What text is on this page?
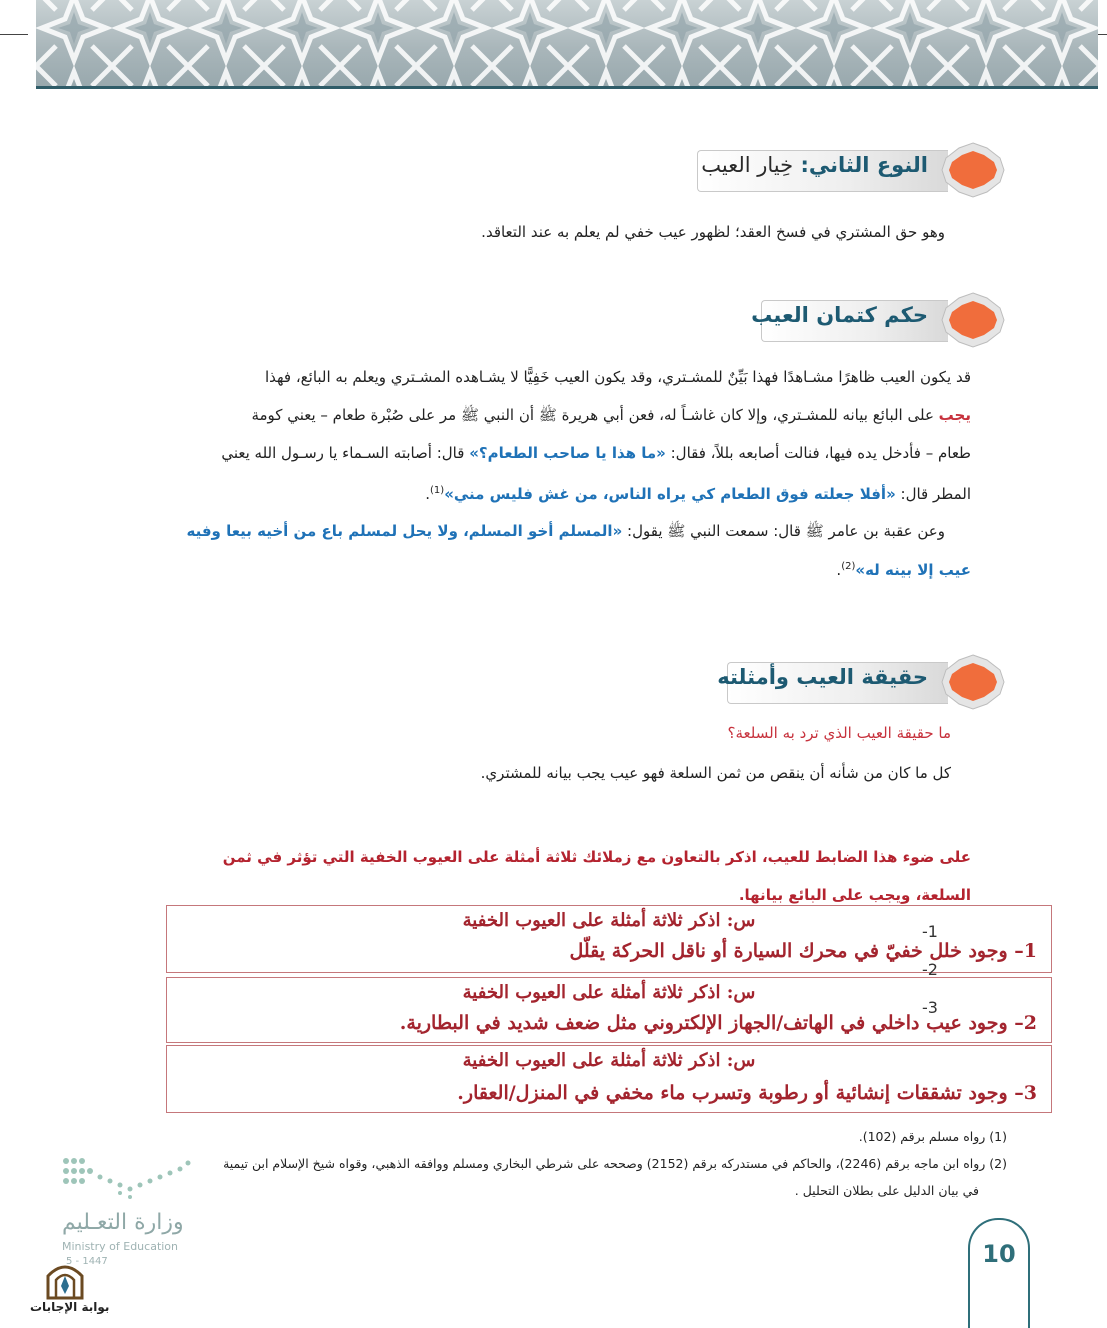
النوع الثاني: خِيار العيب
وهو حق المشتري في فسخ العقد؛ لظهور عيب خفي لم يعلم به عند التعاقد.
حكم كتمان العيب
قد يكون العيب ظاهرًا مشـاهدًا فهذا بَيِّنٌ للمشـتري، وقد يكون العيب خَفِيًّا لا يشـاهده المشـتري ويعلم به البائع، فهذا
يجب على البائع بيانه للمشـتري، وإلا كان غاشـاً له، فعن أبي هريرة ﷺ أن النبي ﷺ مر على صُبْرة طعام – يعني كومة
طعام – فأدخل يده فيها، فنالت أصابعه بللاً، فقال: «ما هذا يا صاحب الطعام؟» قال: أصابته السـماء يا رسـول الله يعني
المطر قال: «أفلا جعلته فوق الطعام كي يراه الناس، من غش فليس مني»$^{(1)}$.
وعن عقبة بن عامر ﷺ قال: سمعت النبي ﷺ يقول: «المسلم أخو المسلم، ولا يحل لمسلم باع من أخيه بيعا وفيه
عيب إلا بينه له»$^{(2)}$.
حقيقة العيب وأمثلته
ما حقيقة العيب الذي ترد به السلعة؟
كل ما كان من شأنه أن ينقص من ثمن السلعة فهو عيب يجب بيانه للمشتري.
على ضوء هذا الضابط للعيب، اذكر بالتعاون مع زملائك ثلاثة أمثلة على العيوب الخفية التي تؤثر في ثمن
السلعة، ويجب على البائع بيانها.
س: اذكر ثلاثة أمثلة على العيوب الخفية
1– وجود خلل خفيّ في محرك السيارة أو ناقل الحركة يقلّل
س: اذكر ثلاثة أمثلة على العيوب الخفية
2– وجود عيب داخلي في الهاتف/الجهاز الإلكتروني مثل ضعف شديد في البطارية.
س: اذكر ثلاثة أمثلة على العيوب الخفية
3– وجود تشققات إنشائية أو رطوبة وتسرب ماء مخفي في المنزل/العقار.
1-
2-
3-
(1) رواه مسلم برقم (102).
(2) رواه ابن ماجه برقم (2246)، والحاكم في مستدركه برقم (2152) وصححه على شرطي البخاري ومسلم ووافقه الذهبي، وقواه شيخ الإسلام ابن تيمية
في بيان الدليل على بطلان التحليل .
وزارة التعـليم
Ministry of Education
5 - 1447
بوابة الإجابات
10
